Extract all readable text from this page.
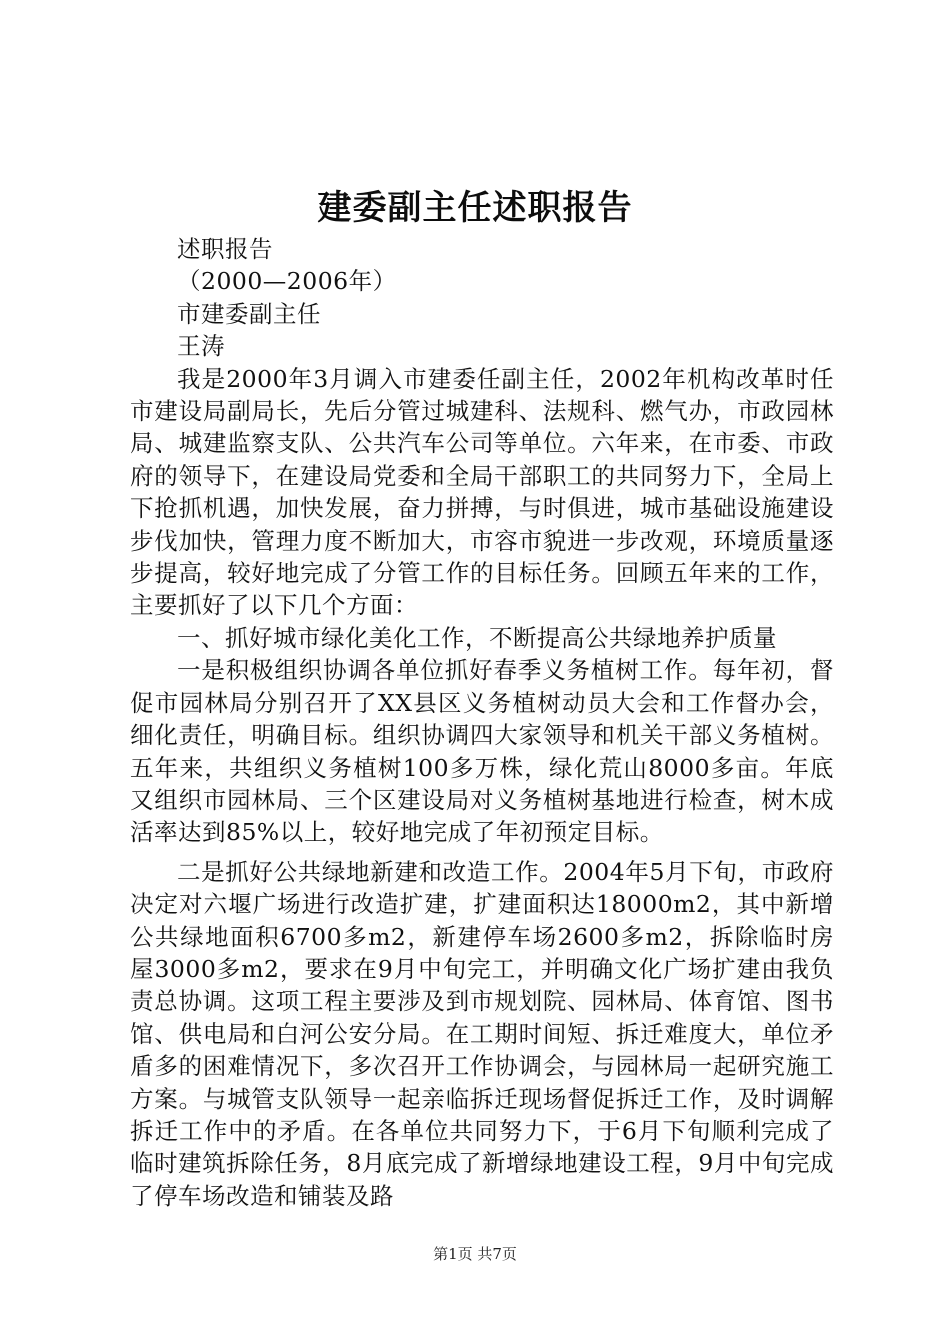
建委副主任述职报告

述职报告

（2000—2006年）

市建委副主任

王涛

我是2000年3月调入市建委任副主任，2002年机构改革时任市建设局副局长，先后分管过城建科、法规科、燃气办，市政园林局、城建监察支队、公共汽车公司等单位。六年来，在市委、市政府的领导下，在建设局党委和全局干部职工的共同努力下，全局上下抢抓机遇，加快发展，奋力拼搏，与时俱进，城市基础设施建设步伐加快，管理力度不断加大，市容市貌进一步改观，环境质量逐步提高，较好地完成了分管工作的目标任务。回顾五年来的工作，主要抓好了以下几个方面：

一、抓好城市绿化美化工作，不断提高公共绿地养护质量

一是积极组织协调各单位抓好春季义务植树工作。每年初，督促市园林局分别召开了XX县区义务植树动员大会和工作督办会，细化责任，明确目标。组织协调四大家领导和机关干部义务植树。五年来，共组织义务植树100多万株，绿化荒山8000多亩。年底又组织市园林局、三个区建设局对义务植树基地进行检查，树木成活率达到85%以上，较好地完成了年初预定目标。

二是抓好公共绿地新建和改造工作。2004年5月下旬，市政府决定对六堰广场进行改造扩建，扩建面积达18000m2，其中新增公共绿地面积6700多m2，新建停车场2600多m2，拆除临时房屋3000多m2，要求在9月中旬完工，并明确文化广场扩建由我负责总协调。这项工程主要涉及到市规划院、园林局、体育馆、图书馆、供电局和白河公安分局。在工期时间短、拆迁难度大，单位矛盾多的困难情况下，多次召开工作协调会，与园林局一起研究施工方案。与城管支队领导一起亲临拆迁现场督促拆迁工作，及时调解拆迁工作中的矛盾。在各单位共同努力下，于6月下旬顺利完成了临时建筑拆除任务，8月底完成了新增绿地建设工程，9月中旬完成了停车场改造和铺装及路

第1页 共7页
